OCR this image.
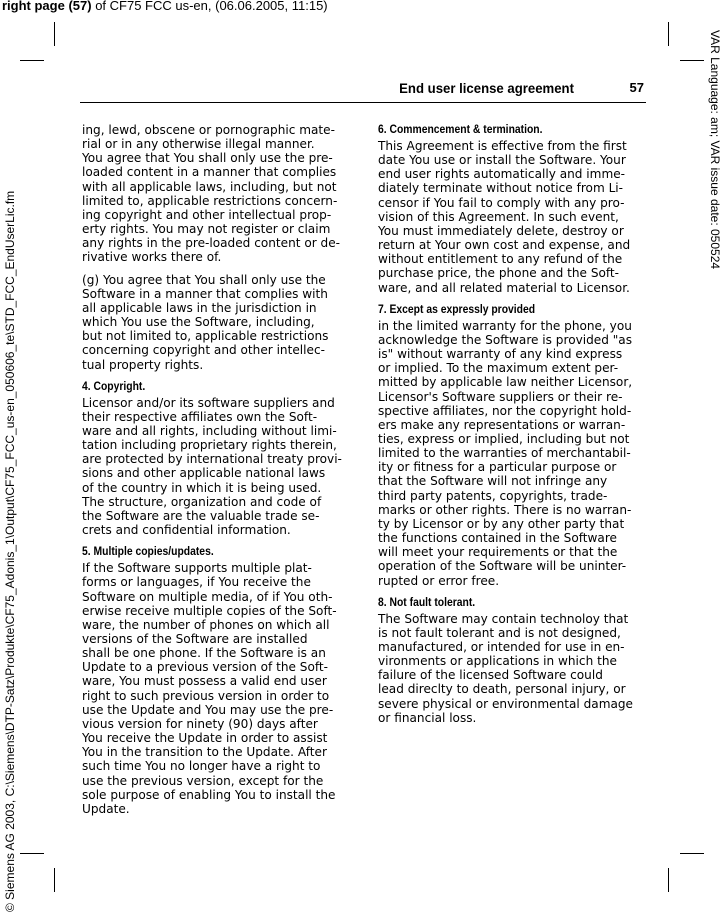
right page (57) of CF75 FCC us-en, (06.06.2005, 11:15)
© Siemens AG 2003, C:\Siemens\DTP-Satz\Produkte\CF75_Adonis_1\Output\CF75_FCC_us-en_050606_te\STD_FCC_EndUserLic.fm
VAR Language: am; VAR issue date: 050524
End user license agreement	57

ing, lewd, obscene or pornographic mate-
rial or in any otherwise illegal manner.
You agree that You shall only use the pre-
loaded content in a manner that complies
with all applicable laws, including, but not
limited to, applicable restrictions concern-
ing copyright and other intellectual prop-
erty rights. You may not register or claim
any rights in the pre-loaded content or de-
rivative works there of.

(g) You agree that You shall only use the
Software in a manner that complies with
all applicable laws in the jurisdiction in
which You use the Software, including,
but not limited to, applicable restrictions
concerning copyright and other intellec-
tual property rights.

4. Copyright.

Licensor and/or its software suppliers and
their respective affiliates own the Soft-
ware and all rights, including without limi-
tation including proprietary rights therein,
are protected by international treaty provi-
sions and other applicable national laws
of the country in which it is being used.
The structure, organization and code of
the Software are the valuable trade se-
crets and confidential information.

5. Multiple copies/updates.

If the Software supports multiple plat-
forms or languages, if You receive the
Software on multiple media, of if You oth-
erwise receive multiple copies of the Soft-
ware, the number of phones on which all
versions of the Software are installed
shall be one phone. If the Software is an
Update to a previous version of the Soft-
ware, You must possess a valid end user
right to such previous version in order to
use the Update and You may use the pre-
vious version for ninety (90) days after
You receive the Update in order to assist
You in the transition to the Update. After
such time You no longer have a right to
use the previous version, except for the
sole purpose of enabling You to install the
Update.

6. Commencement & termination.

This Agreement is effective from the first
date You use or install the Software. Your
end user rights automatically and imme-
diately terminate without notice from Li-
censor if You fail to comply with any pro-
vision of this Agreement. In such event,
You must immediately delete, destroy or
return at Your own cost and expense, and
without entitlement to any refund of the
purchase price, the phone and the Soft-
ware, and all related material to Licensor.

7. Except as expressly provided

in the limited warranty for the phone, you
acknowledge the Software is provided "as
is" without warranty of any kind express
or implied. To the maximum extent per-
mitted by applicable law neither Licensor,
Licensor's Software suppliers or their re-
spective affiliates, nor the copyright hold-
ers make any representations or warran-
ties, express or implied, including but not
limited to the warranties of merchantabil-
ity or fitness for a particular purpose or
that the Software will not infringe any
third party patents, copyrights, trade-
marks or other rights. There is no warran-
ty by Licensor or by any other party that
the functions contained in the Software
will meet your requirements or that the
operation of the Software will be uninter-
rupted or error free.

8. Not fault tolerant.

The Software may contain technoloy that
is not fault tolerant and is not designed,
manufactured, or intended for use in en-
vironments or applications in which the
failure of the licensed Software could
lead direclty to death, personal injury, or
severe physical or environmental damage
or financial loss.
